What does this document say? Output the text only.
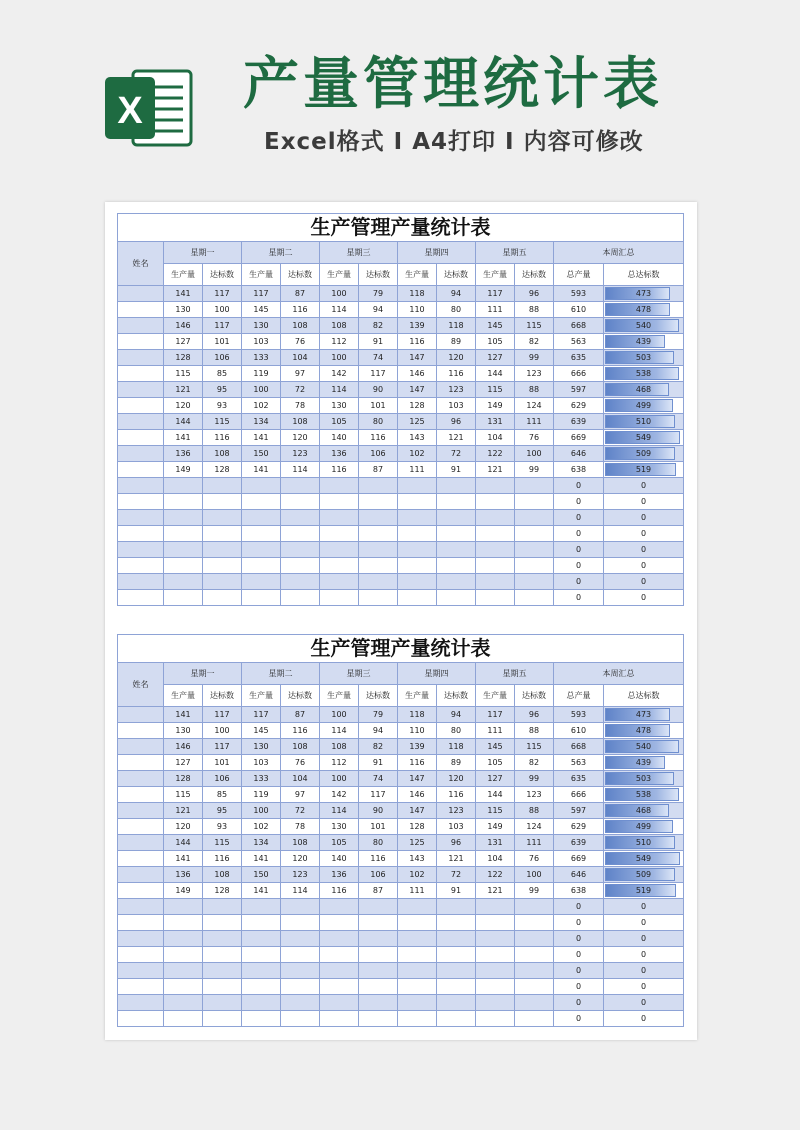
X 产量管理统计表
Excel格式 I A4打印 I 内容可修改
生产管理产量统计表												
姓名	星期一		星期二		星期三		星期四		星期五		本周汇总	
	生产量	达标数	生产量	达标数	生产量	达标数	生产量	达标数	生产量	达标数	总产量	总达标数
	141	117	117	87	100	79	118	94	117	96	593	473
	130	100	145	116	114	94	110	80	111	88	610	478
	146	117	130	108	108	82	139	118	145	115	668	540
	127	101	103	76	112	91	116	89	105	82	563	439
	128	106	133	104	100	74	147	120	127	99	635	503
	115	85	119	97	142	117	146	116	144	123	666	538
	121	95	100	72	114	90	147	123	115	88	597	468
	120	93	102	78	130	101	128	103	149	124	629	499
	144	115	134	108	105	80	125	96	131	111	639	510
	141	116	141	120	140	116	143	121	104	76	669	549
	136	108	150	123	136	106	102	72	122	100	646	509
	149	128	141	114	116	87	111	91	121	99	638	519
											0	0
											0	0
											0	0
											0	0
											0	0
											0	0
											0	0
											0	0
生产管理产量统计表												
姓名	星期一		星期二		星期三		星期四		星期五		本周汇总	
	生产量	达标数	生产量	达标数	生产量	达标数	生产量	达标数	生产量	达标数	总产量	总达标数
	141	117	117	87	100	79	118	94	117	96	593	473
	130	100	145	116	114	94	110	80	111	88	610	478
	146	117	130	108	108	82	139	118	145	115	668	540
	127	101	103	76	112	91	116	89	105	82	563	439
	128	106	133	104	100	74	147	120	127	99	635	503
	115	85	119	97	142	117	146	116	144	123	666	538
	121	95	100	72	114	90	147	123	115	88	597	468
	120	93	102	78	130	101	128	103	149	124	629	499
	144	115	134	108	105	80	125	96	131	111	639	510
	141	116	141	120	140	116	143	121	104	76	669	549
	136	108	150	123	136	106	102	72	122	100	646	509
	149	128	141	114	116	87	111	91	121	99	638	519
											0	0
											0	0
											0	0
											0	0
											0	0
											0	0
											0	0
											0	0
